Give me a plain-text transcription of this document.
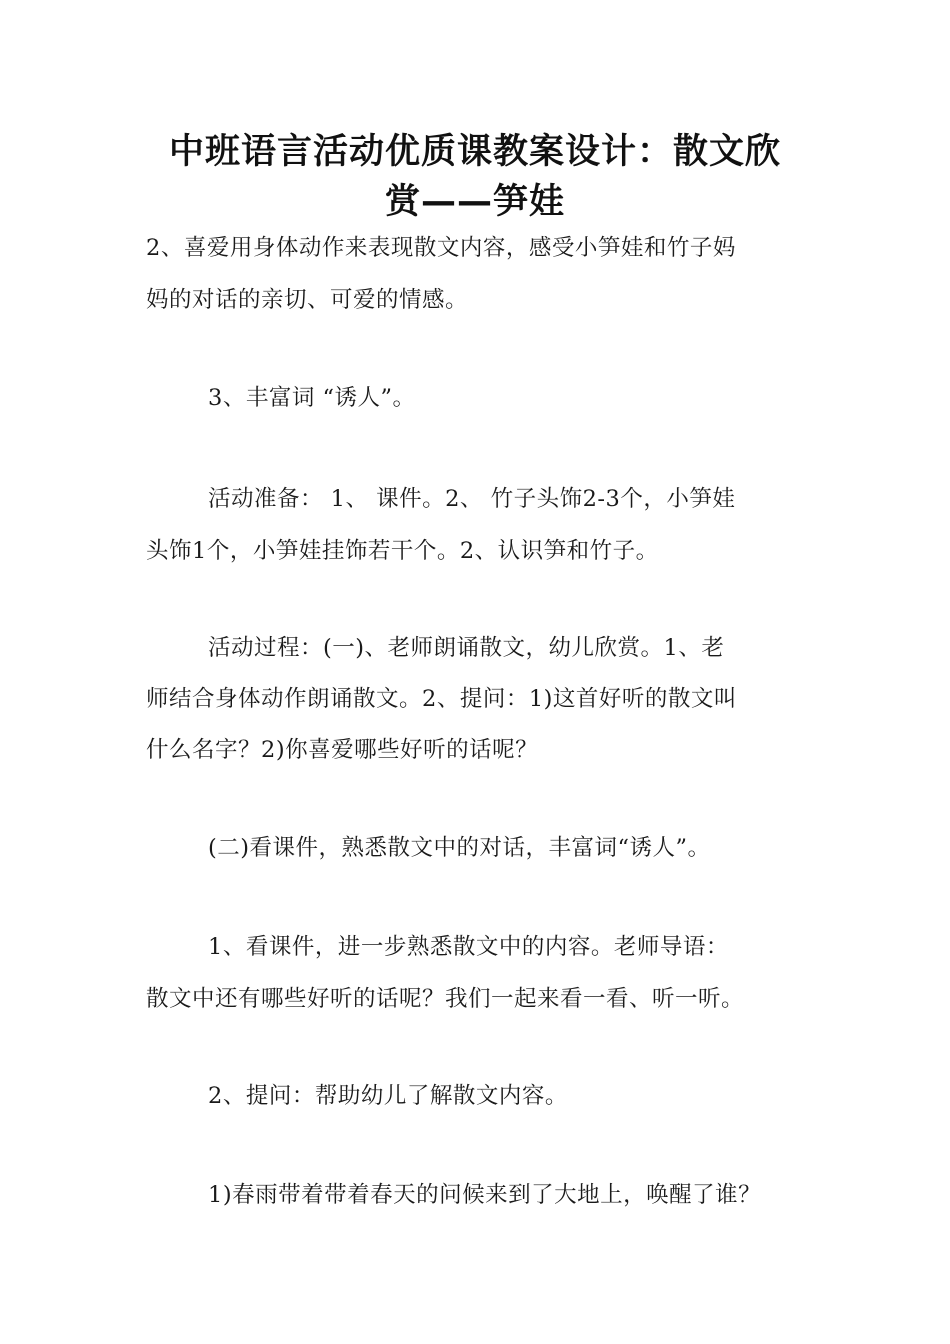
中班语言活动优质课教案设计：散文欣
赏——笋娃
2、喜爱用身体动作来表现散文内容，感受小笋娃和竹子妈
妈的对话的亲切、可爱的情感。
3、丰富词 “诱人”。
活动准备： 1、 课件。2、 竹子头饰2-3个，小笋娃
头饰1个，小笋娃挂饰若干个。2、认识笋和竹子。
活动过程：(一)、老师朗诵散文，幼儿欣赏。1、老
师结合身体动作朗诵散文。2、提问：1)这首好听的散文叫
什么名字？2)你喜爱哪些好听的话呢？
(二)看课件，熟悉散文中的对话，丰富词“诱人”。
1、看课件，进一步熟悉散文中的内容。老师导语：
散文中还有哪些好听的话呢？我们一起来看一看、听一听。
2、提问：帮助幼儿了解散文内容。
1)春雨带着带着春天的问候来到了大地上，唤醒了谁？
